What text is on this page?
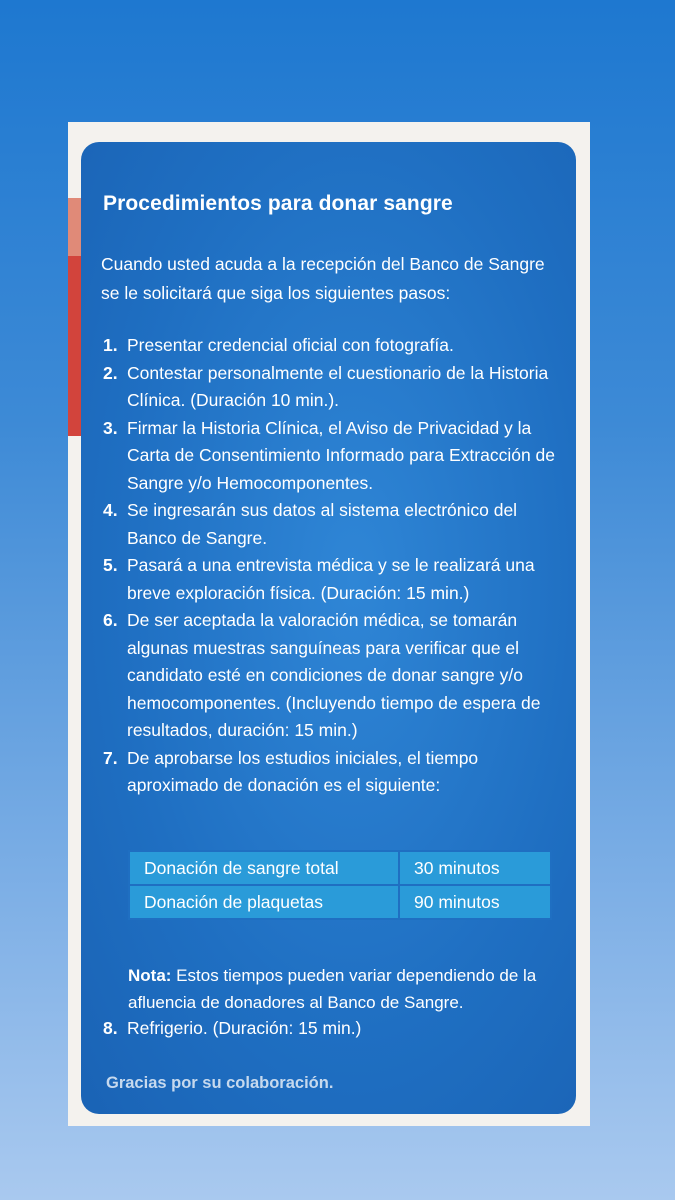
Procedimientos para donar sangre

Cuando usted acuda a la recepción del Banco de Sangre se le solicitará que siga los siguientes pasos:

1. Presentar credencial oficial con fotografía.
2. Contestar personalmente el cuestionario de la Historia Clínica. (Duración 10 min.).
3. Firmar la Historia Clínica, el Aviso de Privacidad y la Carta de Consentimiento Informado para Extracción de Sangre y/o Hemocomponentes.
4. Se ingresarán sus datos al sistema electrónico del Banco de Sangre.
5. Pasará a una entrevista médica y se le realizará una breve exploración física. (Duración: 15 min.)
6. De ser aceptada la valoración médica, se tomarán algunas muestras sanguíneas para verificar que el candidato esté en condiciones de donar sangre y/o hemocomponentes. (Incluyendo tiempo de espera de resultados, duración: 15 min.)
7. De aprobarse los estudios iniciales, el tiempo aproximado de donación es el siguiente:
Donación de sangre total	30 minutos
Donación de plaquetas	90 minutos

Nota: Estos tiempos pueden variar dependiendo de la afluencia de donadores al Banco de Sangre.

8. Refrigerio. (Duración: 15 min.)

Gracias por su colaboración.
